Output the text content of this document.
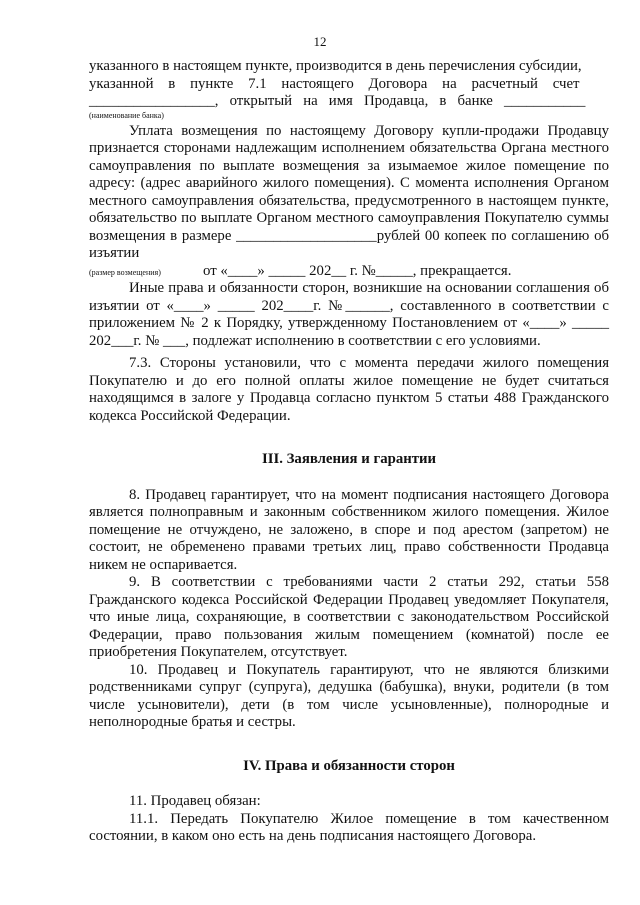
12

указанного в настоящем пункте, производится в день перечисления субсидии,

указанной    в    пункте    7.1    настоящего    Договора    на    расчетный    счет

_________________,   открытый   на   имя   Продавца,   в   банке   ___________

(наименование банка)

Уплата возмещения по настоящему Договору купли-продажи Продавцу признается сторонами надлежащим исполнением обязательства Органа местного самоуправления по выплате возмещения за изымаемое жилое помещение по адресу: (адрес аварийного жилого помещения). С момента исполнения Органом местного самоуправления обязательства, предусмотренного в настоящем пункте, обязательство по выплате Органом местного самоуправления Покупателю суммы возмещения в размере ___________________рублей 00 копеек по соглашению об изъятии

(размер возмещения)	от «____» _____ 202__ г. №_____, прекращается.

Иные права и обязанности сторон, возникшие на основании соглашения об изъятии от «____» _____ 202____г. №______, составленного в соответствии с приложением № 2 к Порядку, утвержденному Постановлением от «____» _____ 202___г. № ___, подлежат исполнению в соответствии с его условиями.

7.3. Стороны установили, что с момента передачи жилого помещения Покупателю и до его полной оплаты жилое помещение не будет считаться находящимся в залоге у Продавца согласно пунктом 5 статьи 488 Гражданского кодекса Российской Федерации.

III. Заявления и гарантии

8. Продавец гарантирует, что на момент подписания настоящего Договора является полноправным и законным собственником жилого помещения. Жилое помещение не отчуждено, не заложено, в споре и под арестом (запретом) не состоит, не обременено правами третьих лиц, право собственности Продавца никем не оспаривается.

9. В соответствии с требованиями части 2 статьи 292, статьи 558 Гражданского кодекса Российской Федерации Продавец уведомляет Покупателя, что иные лица, сохраняющие, в соответствии с законодательством Российской Федерации, право пользования жилым помещением (комнатой) после ее приобретения Покупателем, отсутствует.

10. Продавец и Покупатель гарантируют, что не являются близкими родственниками супруг (супруга), дедушка (бабушка), внуки, родители (в том числе усыновители), дети (в том числе усыновленные), полнородные и неполнородные братья и сестры.

IV. Права и обязанности сторон

11. Продавец обязан:

11.1. Передать Покупателю Жилое помещение в том качественном состоянии, в каком оно есть на день подписания настоящего Договора.
